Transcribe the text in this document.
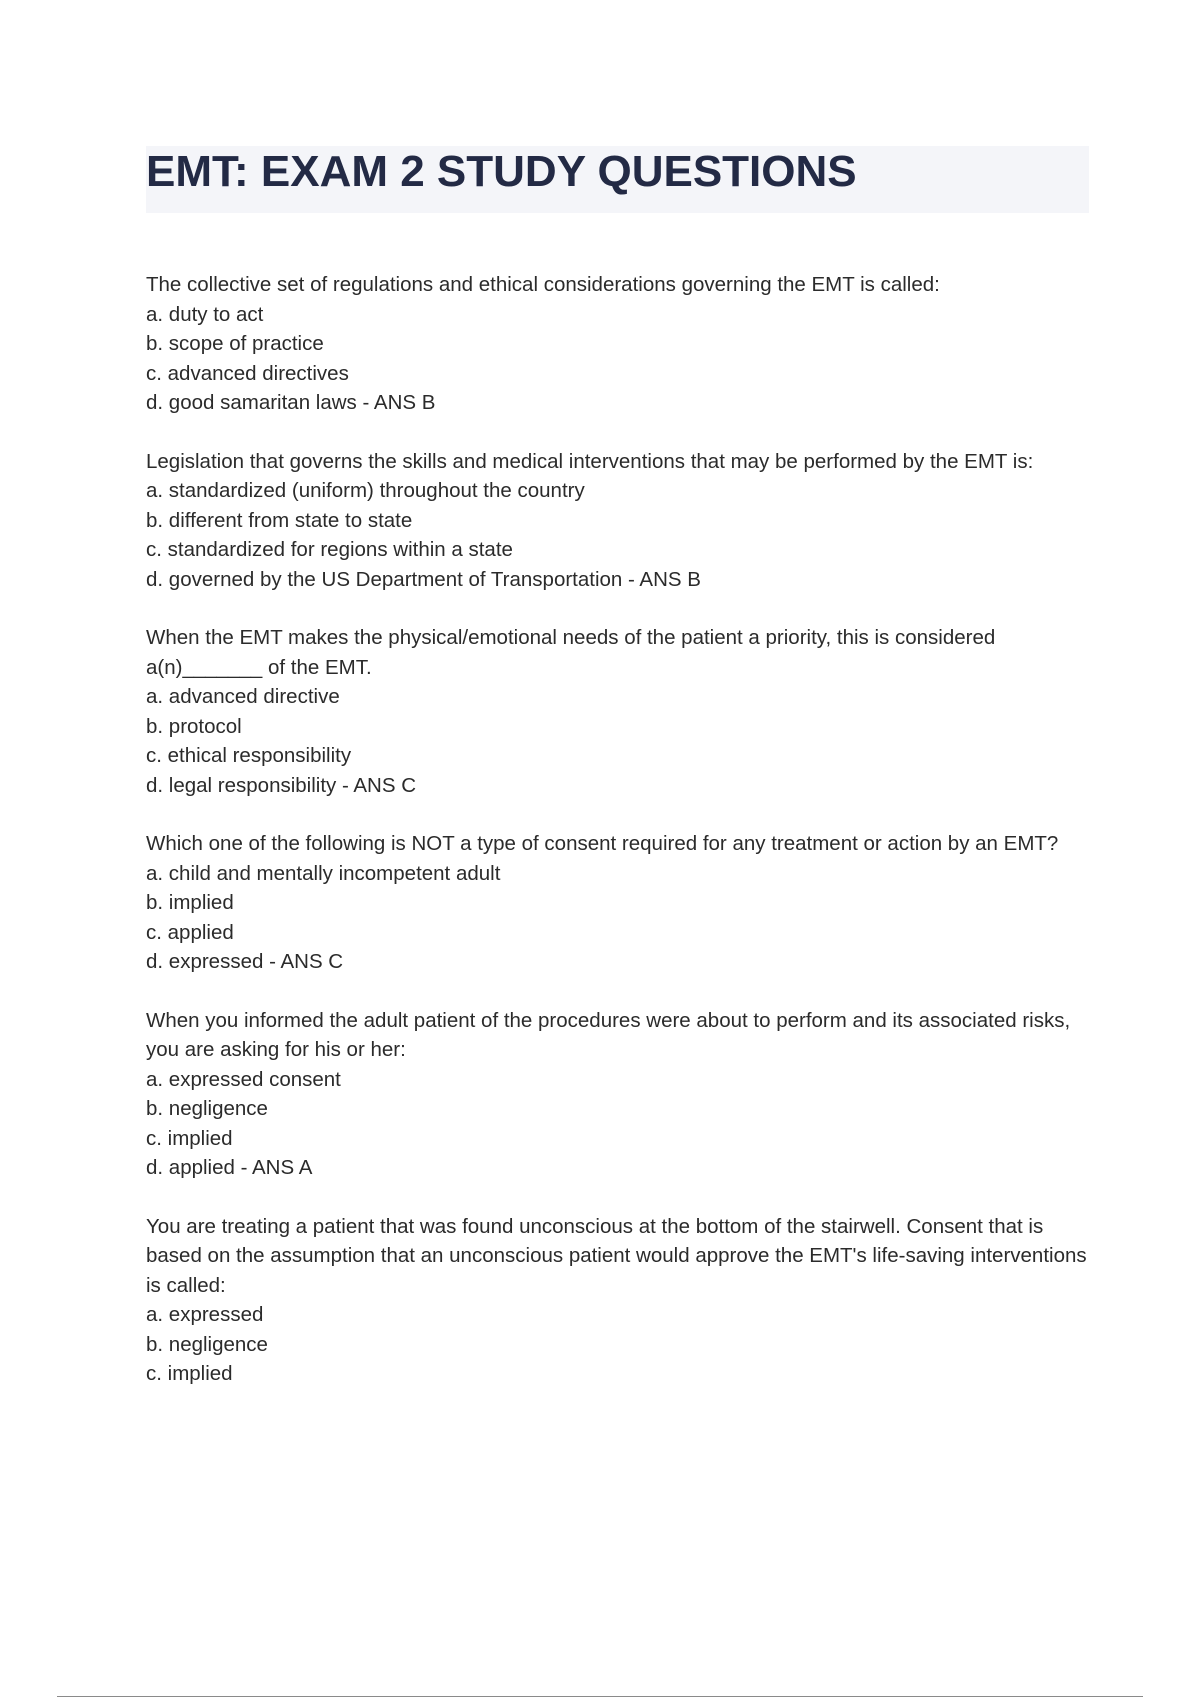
EMT: EXAM 2 STUDY QUESTIONS

The collective set of regulations and ethical considerations governing the EMT is called:

a. duty to act

b. scope of practice

c. advanced directives

d. good samaritan laws - ANS B

Legislation that governs the skills and medical interventions that may be performed by the EMT is:

a. standardized (uniform) throughout the country

b. different from state to state

c. standardized for regions within a state

d. governed by the US Department of Transportation - ANS B

When the EMT makes the physical/emotional needs of the patient a priority, this is considered a(n)_______ of the EMT.

a. advanced directive

b. protocol

c. ethical responsibility

d. legal responsibility - ANS C

Which one of the following is NOT a type of consent required for any treatment or action by an EMT?

a. child and mentally incompetent adult

b. implied

c. applied

d. expressed - ANS C

When you informed the adult patient of the procedures were about to perform and its associated risks, you are asking for his or her:

a. expressed consent

b. negligence

c. implied

d. applied - ANS A

You are treating a patient that was found unconscious at the bottom of the stairwell. Consent that is based on the assumption that an unconscious patient would approve the EMT's life-saving interventions is called:

a. expressed

b. negligence

c. implied
